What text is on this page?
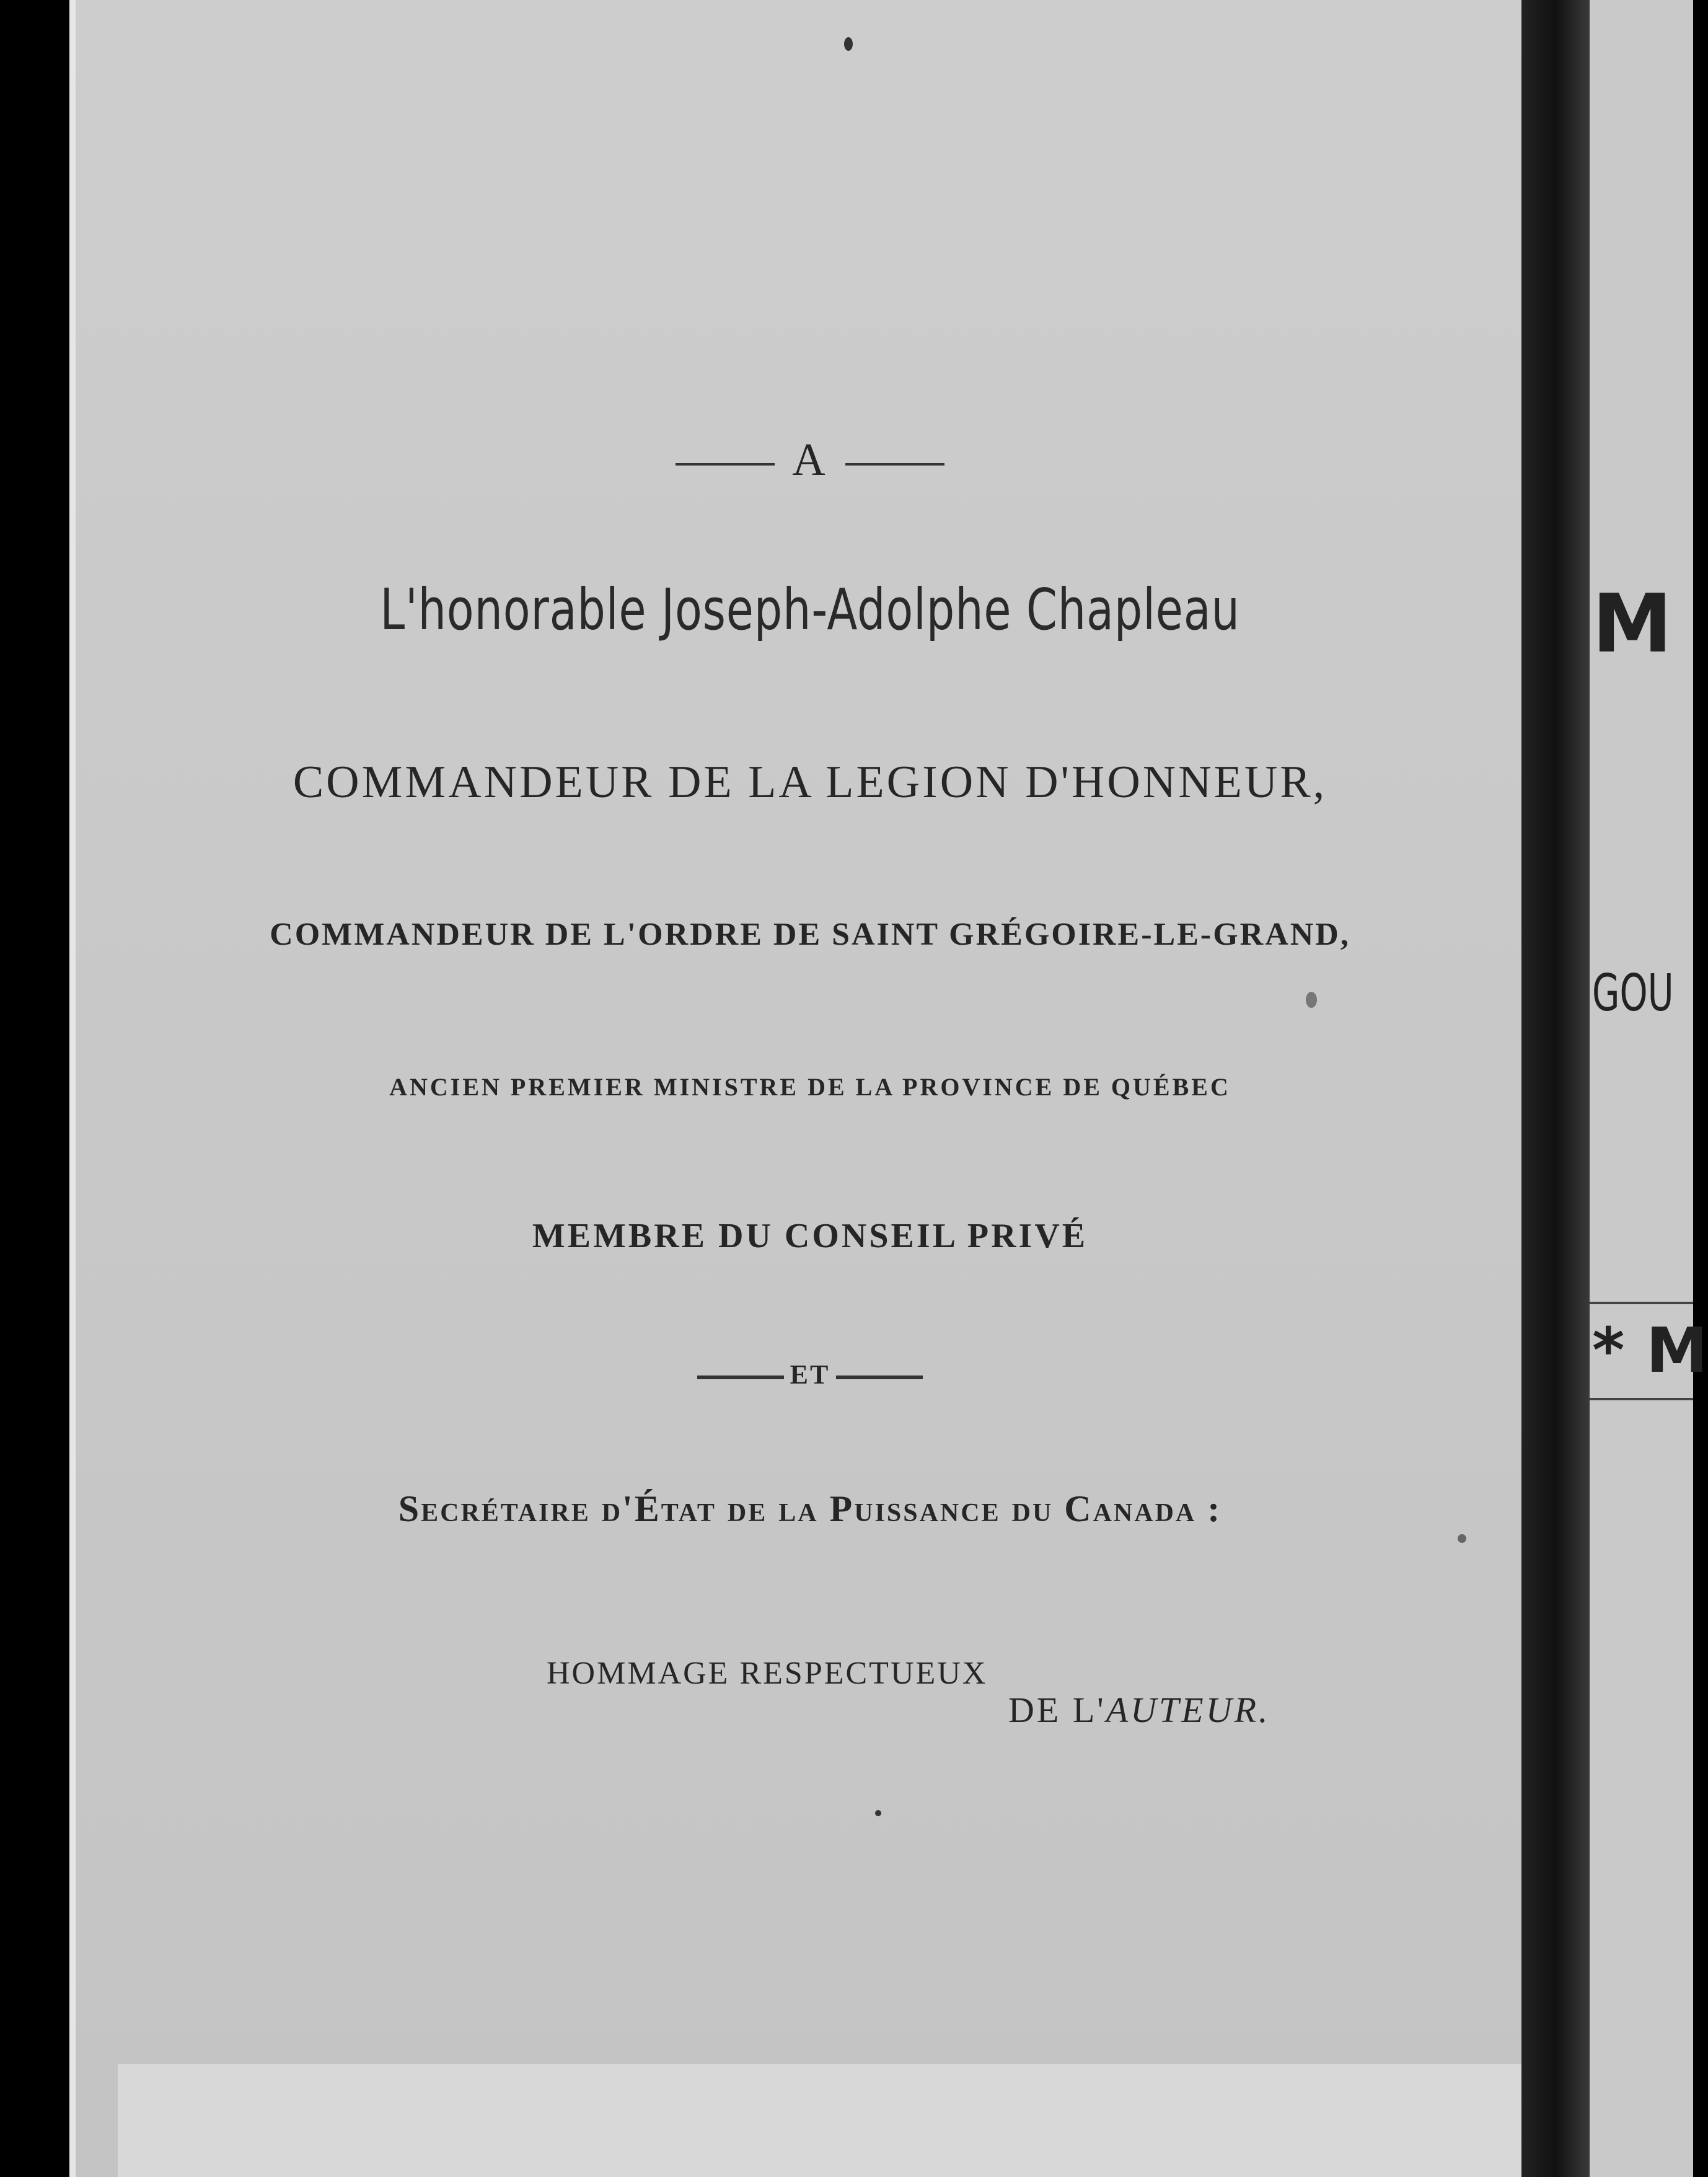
A
L'honorable Joseph-Adolphe Chapleau
COMMANDEUR DE LA LEGION D'HONNEUR,
COMMANDEUR DE L'ORDRE DE SAINT GRÉGOIRE-LE-GRAND,
ANCIEN PREMIER MINISTRE DE LA PROVINCE DE QUÉBEC
MEMBRE DU CONSEIL PRIVÉ
ET
Secrétaire d'État de la Puissance du Canada :
HOMMAGE RESPECTUEUX
DE L'AUTEUR.
M
GOU
* M
